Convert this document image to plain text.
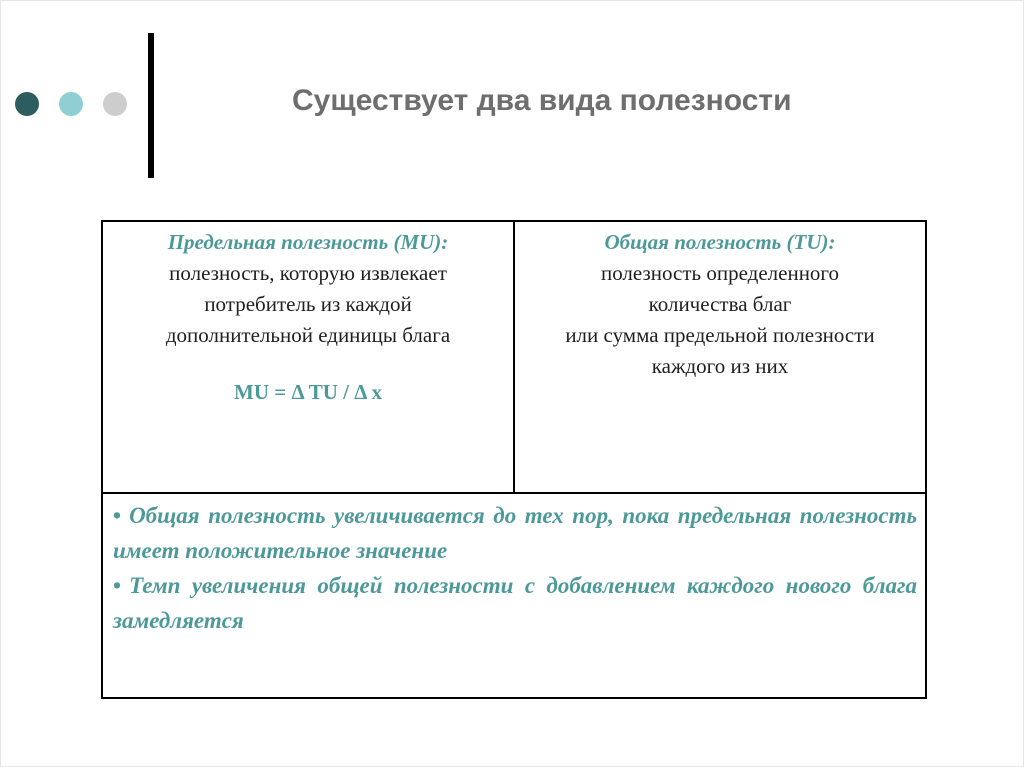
Существует два вида полезности
Предельная полезность (MU):
полезность, которую извлекает
потребитель из каждой
дополнительной единицы блага
MU = Δ TU / Δ x

Общая полезность (TU):
полезность определенного
количества благ
или сумма предельной полезности
каждого из них

• Общая полезность увеличивается до тех пор, пока предельная полезность имеет положительное значение

• Темп увеличения общей полезности с добавлением каждого нового блага замедляется
